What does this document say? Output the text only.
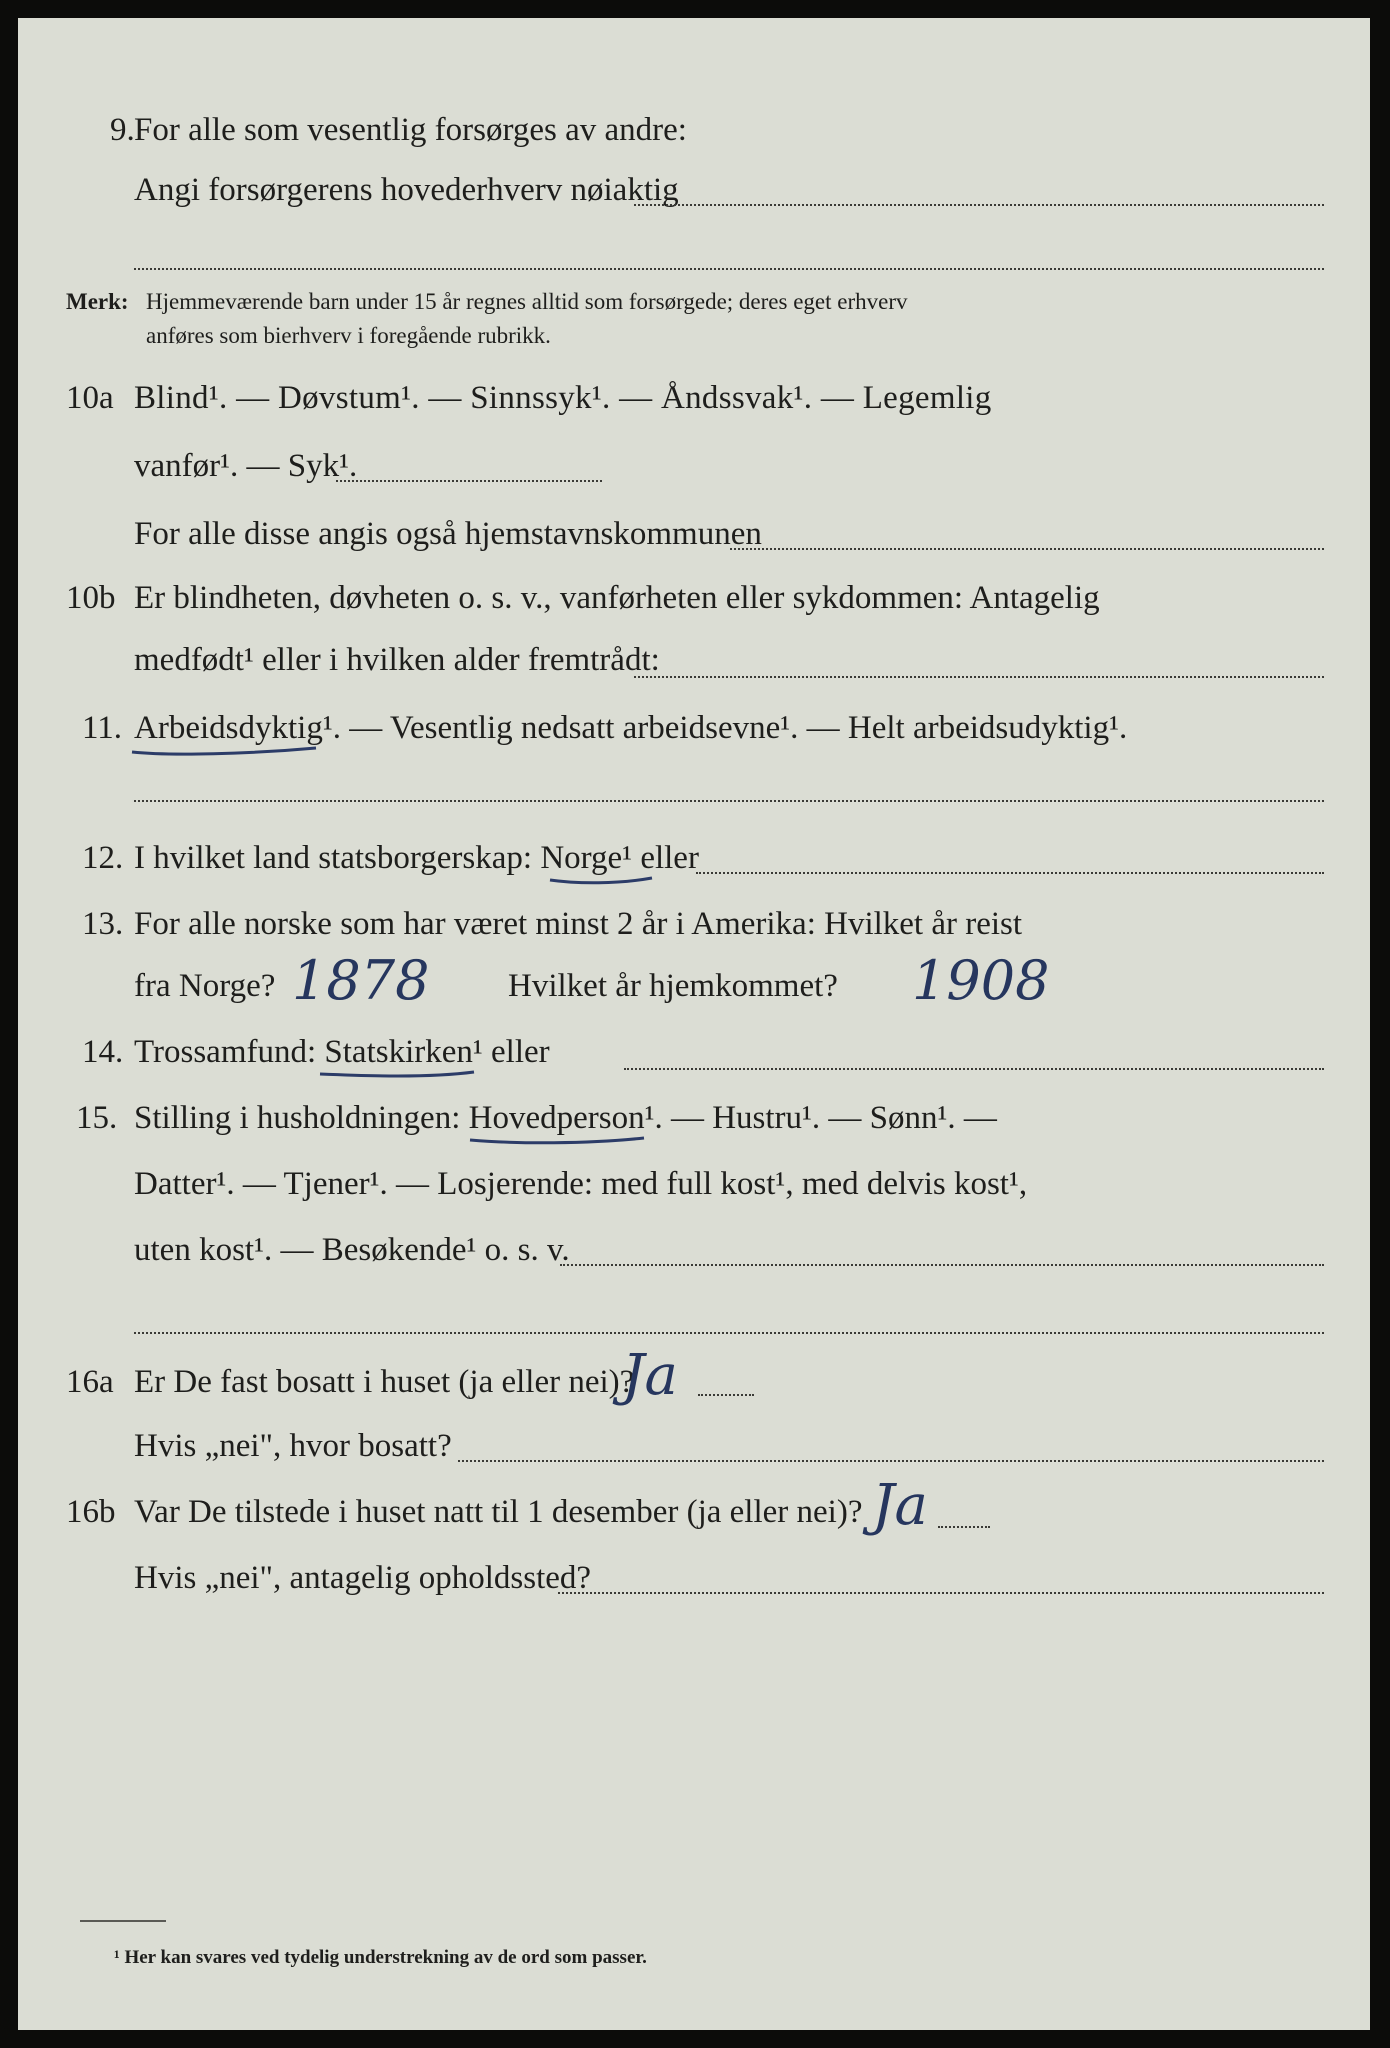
9. For alle som vesentlig forsørges av andre:
Angi forsørgerens hovederhverv nøiaktig
Merk: Hjemmeværende barn under 15 år regnes alltid som forsørgede; deres eget erhverv
anføres som bierhverv i foregående rubrikk.
10a Blind¹. — Døvstum¹. — Sinnssyk¹. — Åndssvak¹. — Legemlig
vanfør¹. — Syk¹.
For alle disse angis også hjemstavnskommunen
10b Er blindheten, døvheten o. s. v., vanførheten eller sykdommen: Antagelig
medfødt¹ eller i hvilken alder fremtrådt:
11. Arbeidsdyktig¹. — Vesentlig nedsatt arbeidsevne¹. — Helt arbeidsudyktig¹.
12. I hvilket land statsborgerskap: Norge¹ eller
13. For alle norske som har været minst 2 år i Amerika: Hvilket år reist
fra Norge? 1878 Hvilket år hjemkommet? 1908
14. Trossamfund: Statskirken¹ eller
15. Stilling i husholdningen: Hovedperson¹. — Hustru¹. — Sønn¹. —
Datter¹. — Tjener¹. — Losjerende: med full kost¹, med delvis kost¹,
uten kost¹. — Besøkende¹ o. s. v.
16a Er De fast bosatt i huset (ja eller nei)?
Ja
Hvis „nei", hvor bosatt?
16b Var De tilstede i huset natt til 1 desember (ja eller nei)? Ja
Hvis „nei", antagelig opholdssted?
¹ Her kan svares ved tydelig understrekning av de ord som passer.
